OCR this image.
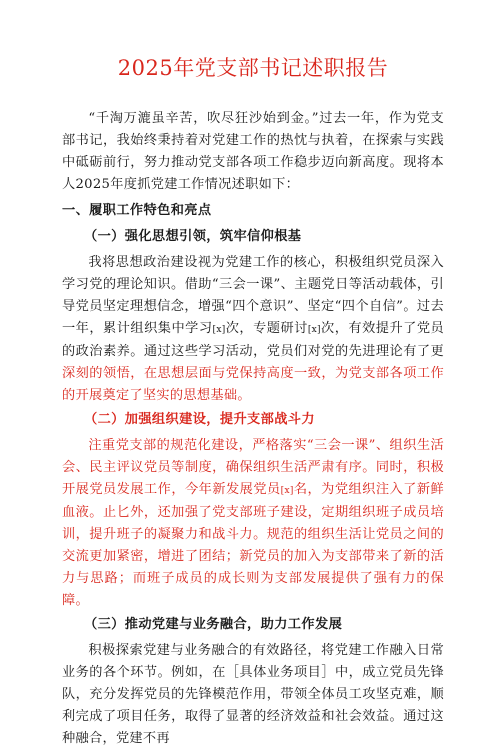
2025年党支部书记述职报告

“千淘万漉虽辛苦，吹尽狂沙始到金。”过去一年，作为党支部书记，我始终秉持着对党建工作的热忱与执着，在探索与实践中砥砺前行，努力推动党支部各项工作稳步迈向新高度。现将本人2025年度抓党建工作情况述职如下：

一、履职工作特色和亮点
（一）强化思想引领，筑牢信仰根基

我将思想政治建设视为党建工作的核心，积极组织党员深入学习党的理论知识。借助“三会一课”、主题党日等活动载体，引导党员坚定理想信念，增强“四个意识”、坚定“四个自信”。过去一年，累计组织集中学习[x]次，专题研讨[x]次，有效提升了党员的政治素养。通过这些学习活动，党员们对党的先进理论有了更深刻的领悟，在思想层面与党保持高度一致，为党支部各项工作的开展奠定了坚实的思想基础。

（二）加强组织建设，提升支部战斗力

注重党支部的规范化建设，严格落实“三会一课”、组织生活会、民主评议党员等制度，确保组织生活严肃有序。同时，积极开展党员发展工作，今年新发展党员[x]名，为党组织注入了新鲜血液。止匕外，还加强了党支部班子建设，定期组织班子成员培训，提升班子的凝聚力和战斗力。规范的组织生活让党员之间的交流更加紧密，增进了团结；新党员的加入为支部带来了新的活力与思路；而班子成员的成长则为支部发展提供了强有力的保障。

（三）推动党建与业务融合，助力工作发展

积极探索党建与业务融合的有效路径，将党建工作融入日常业务的各个环节。例如，在［具体业务项目］中，成立党员先锋队，充分发挥党员的先锋模范作用，带领全体员工攻坚克难，顺利完成了项目任务，取得了显著的经济效益和社会效益。通过这种融合，党建不再
